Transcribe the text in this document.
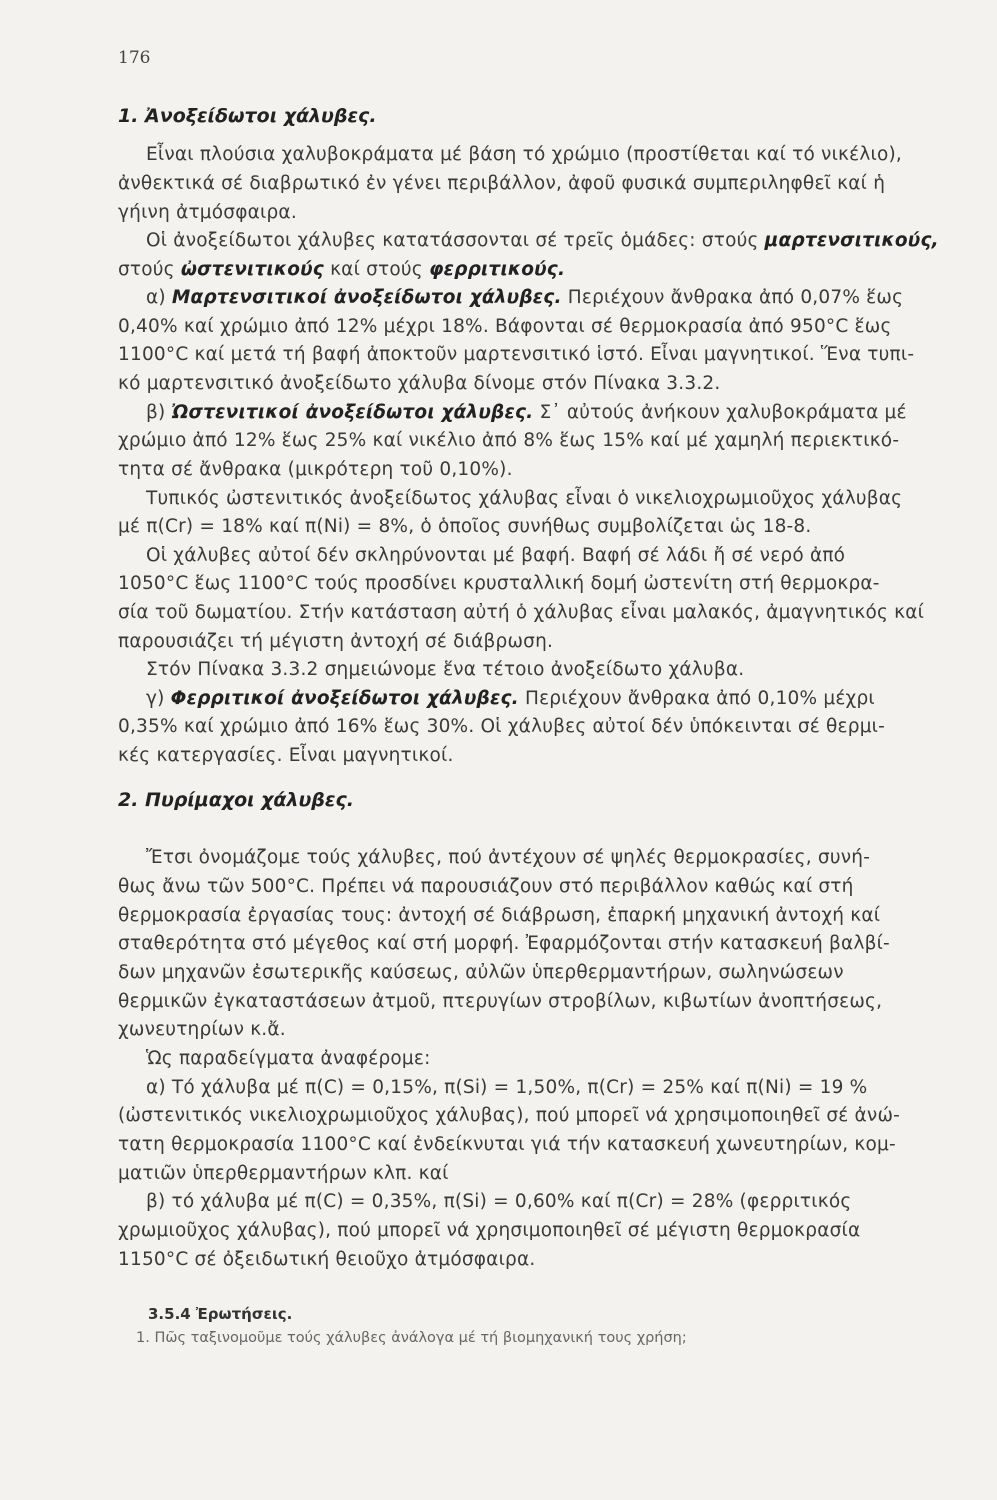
176
1. Ἀνοξείδωτοι χάλυβες.
Εἶναι πλούσια χαλυβοκράματα μέ βάση τό χρώμιο (προστίθεται καί τό νικέλιο),
ἀνθεκτικά σέ διαβρωτικό ἐν γένει περιβάλλον, ἀφοῦ φυσικά συμπεριληφθεῖ καί ἡ
γήινη ἀτμόσφαιρα.
Οἱ ἀνοξείδωτοι χάλυβες κατατάσσονται σέ τρεῖς ὁμάδες: στούς μαρτενσιτικούς,
στούς ὠστενιτικούς καί στούς φερριτικούς.
α) Μαρτενσιτικοί ἀνοξείδωτοι χάλυβες. Περιέχουν ἄνθρακα ἀπό 0,07% ἕως
0,40% καί χρώμιο ἀπό 12% μέχρι 18%. Βάφονται σέ θερμοκρασία ἀπό 950°C ἕως
1100°C καί μετά τή βαφή ἀποκτοῦν μαρτενσιτικό ἱστό. Εἶναι μαγνητικοί. Ἕνα τυπι-
κό μαρτενσιτικό ἀνοξείδωτο χάλυβα δίνομε στόν Πίνακα 3.3.2.
β) Ὠστενιτικοί ἀνοξείδωτοι χάλυβες. Σ᾽ αὐτούς ἀνήκουν χαλυβοκράματα μέ
χρώμιο ἀπό 12% ἕως 25% καί νικέλιο ἀπό 8% ἕως 15% καί μέ χαμηλή περιεκτικό-
τητα σέ ἄνθρακα (μικρότερη τοῦ 0,10%).
Τυπικός ὠστενιτικός ἀνοξείδωτος χάλυβας εἶναι ὁ νικελιοχρωμιοῦχος χάλυβας
μέ π(Cr) = 18% καί π(Ni) = 8%, ὁ ὁποῖος συνήθως συμβολίζεται ὡς 18-8.
Οἱ χάλυβες αὐτοί δέν σκληρύνονται μέ βαφή. Βαφή σέ λάδι ἤ σέ νερό ἀπό
1050°C ἕως 1100°C τούς προσδίνει κρυσταλλική δομή ὠστενίτη στή θερμοκρα-
σία τοῦ δωματίου. Στήν κατάσταση αὐτή ὁ χάλυβας εἶναι μαλακός, ἀμαγνητικός καί
παρουσιάζει τή μέγιστη ἀντοχή σέ διάβρωση.
Στόν Πίνακα 3.3.2 σημειώνομε ἕνα τέτοιο ἀνοξείδωτο χάλυβα.
γ) Φερριτικοί ἀνοξείδωτοι χάλυβες. Περιέχουν ἄνθρακα ἀπό 0,10% μέχρι
0,35% καί χρώμιο ἀπό 16% ἕως 30%. Οἱ χάλυβες αὐτοί δέν ὑπόκεινται σέ θερμι-
κές κατεργασίες. Εἶναι μαγνητικοί.
2. Πυρίμαχοι χάλυβες.
Ἔτσι ὀνομάζομε τούς χάλυβες, πού ἀντέχουν σέ ψηλές θερμοκρασίες, συνή-
θως ἄνω τῶν 500°C. Πρέπει νά παρουσιάζουν στό περιβάλλον καθώς καί στή
θερμοκρασία ἐργασίας τους: ἀντοχή σέ διάβρωση, ἐπαρκή μηχανική ἀντοχή καί
σταθερότητα στό μέγεθος καί στή μορφή. Ἐφαρμόζονται στήν κατασκευή βαλβί-
δων μηχανῶν ἐσωτερικῆς καύσεως, αὐλῶν ὑπερθερμαντήρων, σωληνώσεων
θερμικῶν ἐγκαταστάσεων ἀτμοῦ, πτερυγίων στροβίλων, κιβωτίων ἀνοπτήσεως,
χωνευτηρίων κ.ἄ.
Ὡς παραδείγματα ἀναφέρομε:
α) Τό χάλυβα μέ π(C) = 0,15%, π(Si) = 1,50%, π(Cr) = 25% καί π(Ni) = 19 %
(ὠστενιτικός νικελιοχρωμιοῦχος χάλυβας), πού μπορεῖ νά χρησιμοποιηθεῖ σέ ἀνώ-
τατη θερμοκρασία 1100°C καί ἐνδείκνυται γιά τήν κατασκευή χωνευτηρίων, κομ-
ματιῶν ὑπερθερμαντήρων κλπ. καί
β) τό χάλυβα μέ π(C) = 0,35%, π(Si) = 0,60% καί π(Cr) = 28% (φερριτικός
χρωμιοῦχος χάλυβας), πού μπορεῖ νά χρησιμοποιηθεῖ σέ μέγιστη θερμοκρασία
1150°C σέ ὀξειδωτική θειοῦχο ἀτμόσφαιρα.
3.5.4 Ἐρωτήσεις.
1. Πῶς ταξινομοῦμε τούς χάλυβες ἀνάλογα μέ τή βιομηχανική τους χρήση;
